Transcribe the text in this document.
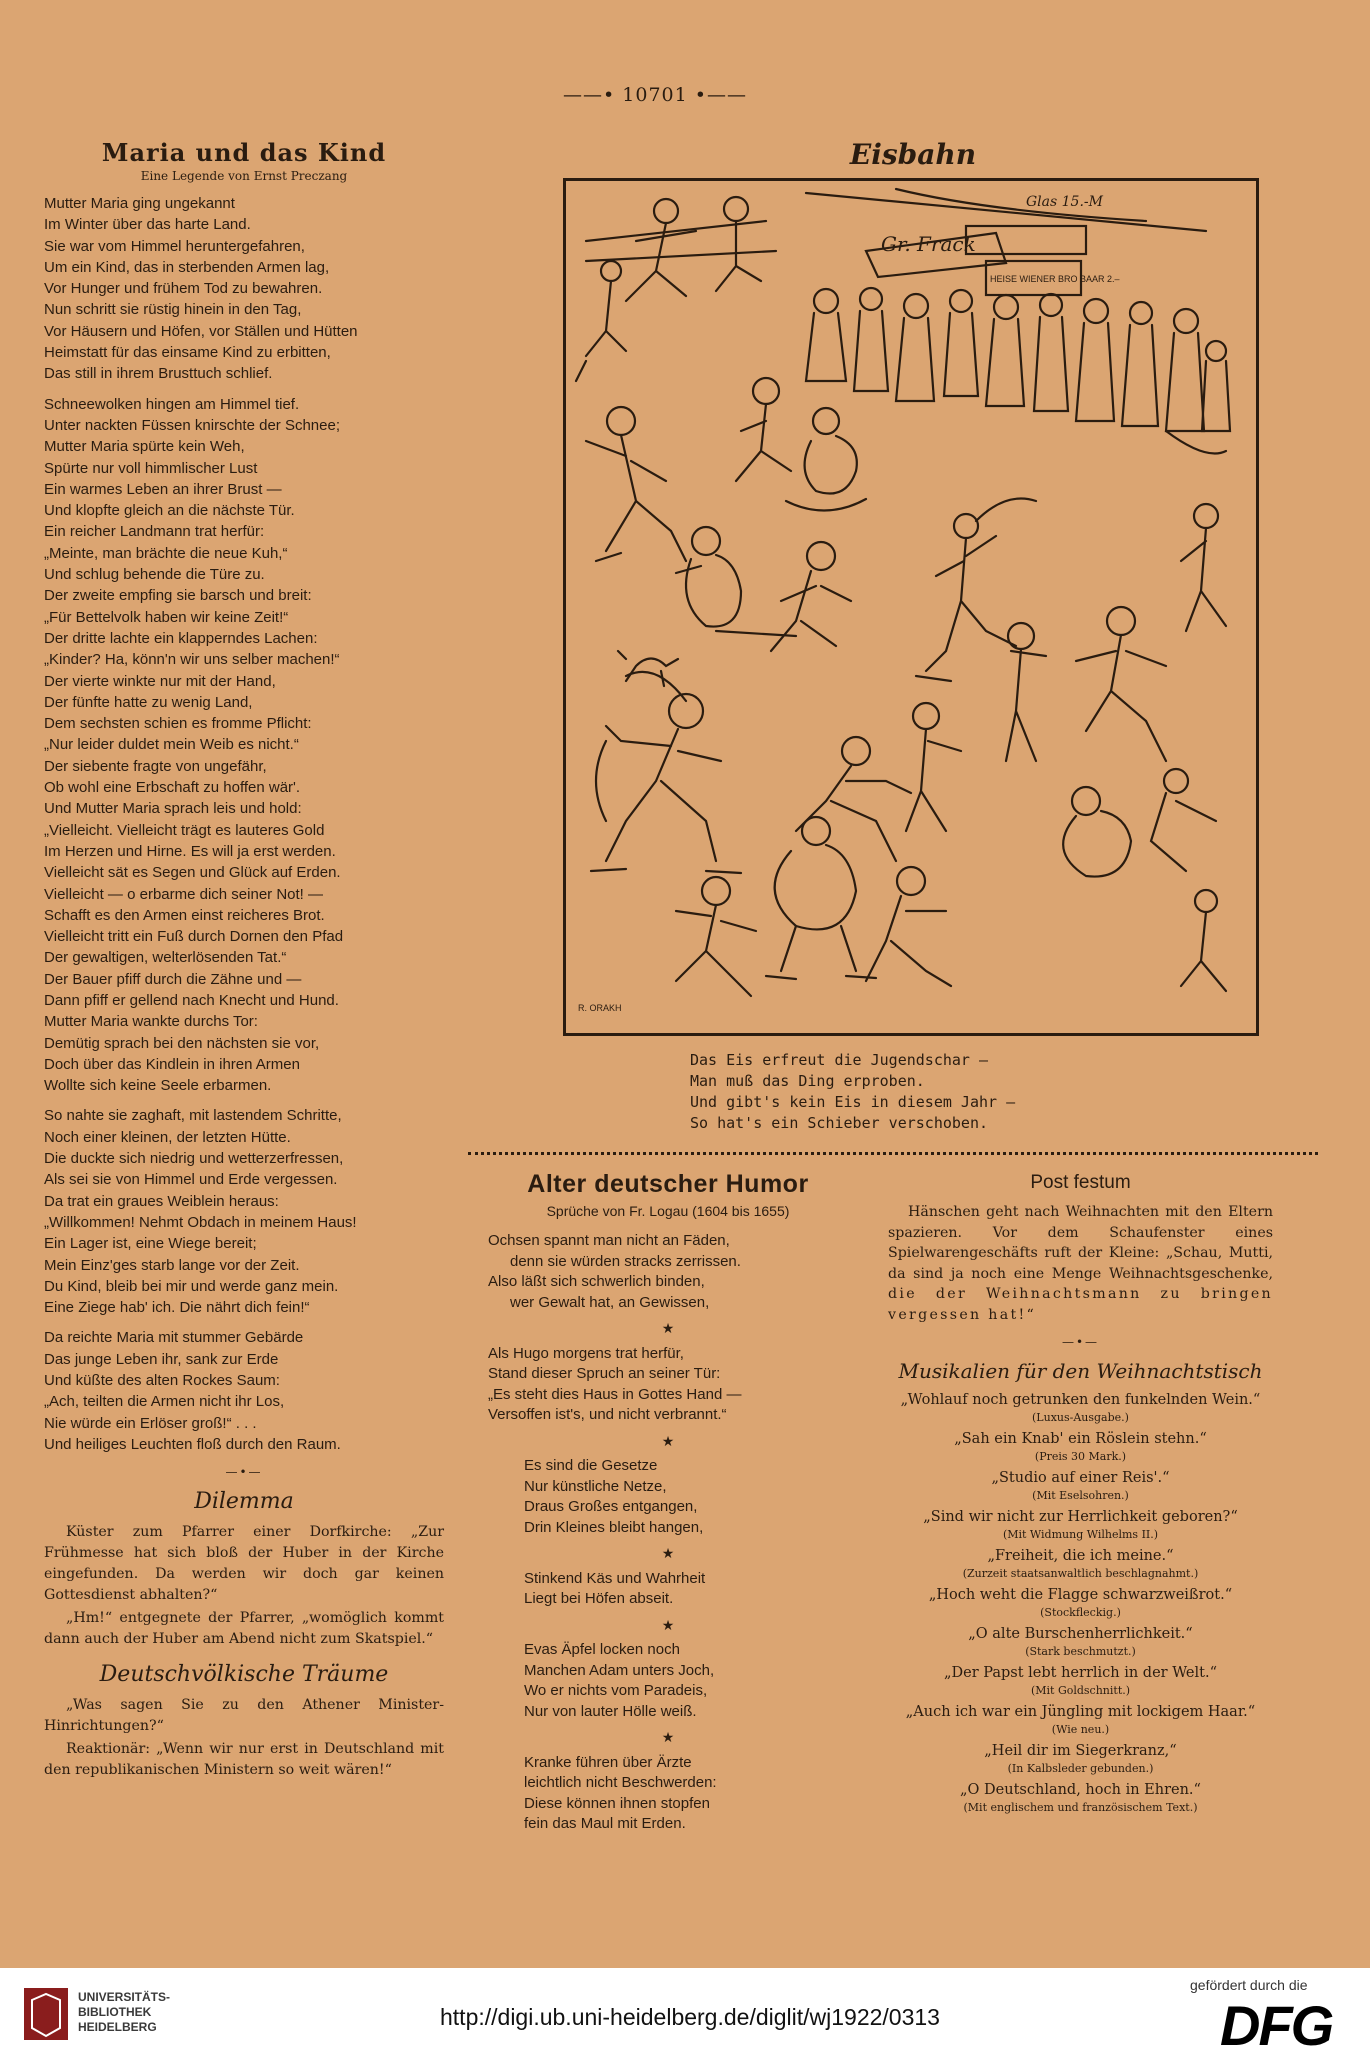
——• 10701 •——
Maria und das Kind
Eine Legende von Ernst Preczang
Mutter Maria ging ungekannt
Im Winter über das harte Land.
Sie war vom Himmel heruntergefahren,
Um ein Kind, das in sterbenden Armen lag,
Vor Hunger und frühem Tod zu bewahren.
Nun schritt sie rüstig hinein in den Tag,
Vor Häusern und Höfen, vor Ställen und Hütten
Heimstatt für das einsame Kind zu erbitten,
Das still in ihrem Brusttuch schlief.
Schneewolken hingen am Himmel tief.
Unter nackten Füssen knirschte der Schnee;
Mutter Maria spürte kein Weh,
Spürte nur voll himmlischer Lust
Ein warmes Leben an ihrer Brust —
Und klopfte gleich an die nächste Tür.
Ein reicher Landmann trat herfür:
„Meinte, man brächte die neue Kuh,“
Und schlug behende die Türe zu.
Der zweite empfing sie barsch und breit:
„Für Bettelvolk haben wir keine Zeit!“
Der dritte lachte ein klapperndes Lachen:
„Kinder? Ha, könn'n wir uns selber machen!“
Der vierte winkte nur mit der Hand,
Der fünfte hatte zu wenig Land,
Dem sechsten schien es fromme Pflicht:
„Nur leider duldet mein Weib es nicht.“
Der siebente fragte von ungefähr,
Ob wohl eine Erbschaft zu hoffen wär'.
Und Mutter Maria sprach leis und hold:
„Vielleicht. Vielleicht trägt es lauteres Gold
Im Herzen und Hirne. Es will ja erst werden.
Vielleicht sät es Segen und Glück auf Erden.
Vielleicht — o erbarme dich seiner Not! —
Schafft es den Armen einst reicheres Brot.
Vielleicht tritt ein Fuß durch Dornen den Pfad
Der gewaltigen, welterlösenden Tat.“
Der Bauer pfiff durch die Zähne und —
Dann pfiff er gellend nach Knecht und Hund.
Mutter Maria wankte durchs Tor:
Demütig sprach bei den nächsten sie vor,
Doch über das Kindlein in ihren Armen
Wollte sich keine Seele erbarmen.
So nahte sie zaghaft, mit lastendem Schritte,
Noch einer kleinen, der letzten Hütte.
Die duckte sich niedrig und wetterzerfressen,
Als sei sie von Himmel und Erde vergessen.
Da trat ein graues Weiblein heraus:
„Willkommen! Nehmt Obdach in meinem Haus!
Ein Lager ist, eine Wiege bereit;
Mein Einz'ges starb lange vor der Zeit.
Du Kind, bleib bei mir und werde ganz mein.
Eine Ziege hab' ich. Die nährt dich fein!“
Da reichte Maria mit stummer Gebärde
Das junge Leben ihr, sank zur Erde
Und küßte des alten Rockes Saum:
„Ach, teilten die Armen nicht ihr Los,
Nie würde ein Erlöser groß!“ . . .
Und heiliges Leuchten floß durch den Raum.
—•—
Dilemma

Küster zum Pfarrer einer Dorfkirche: „Zur Frühmesse hat sich bloß der Huber in der Kirche eingefunden. Da werden wir doch gar keinen Gottesdienst abhalten?“

„Hm!“ entgegnete der Pfarrer, „womöglich kommt dann auch der Huber am Abend nicht zum Skatspiel.“

Deutschvölkische Träume

„Was sagen Sie zu den Athener Minister-Hinrichtungen?“

Reaktionär: „Wenn wir nur erst in Deutschland mit den republikanischen Ministern so weit wären!“

Eisbahn
Gr. Frack
Glas 15.-M
HEISE WIENER BRO BAAR 2.–
R. ORAKH
Das Eis erfreut die Jugendschar —
Man muß das Ding erproben.
Und gibt's kein Eis in diesem Jahr —
So hat's ein Schieber verschoben.
Alter deutscher Humor
Sprüche von Fr. Logau (1604 bis 1655)
Ochsen spannt man nicht an Fäden,
denn sie würden stracks zerrissen.
Also läßt sich schwerlich binden,
wer Gewalt hat, an Gewissen,
★
Als Hugo morgens trat herfür,
Stand dieser Spruch an seiner Tür:
„Es steht dies Haus in Gottes Hand —
Versoffen ist's, und nicht verbrannt.“
★
Es sind die Gesetze
Nur künstliche Netze,
Draus Großes entgangen,
Drin Kleines bleibt hangen,
★
Stinkend Käs und Wahrheit
Liegt bei Höfen abseit.
★
Evas Äpfel locken noch
Manchen Adam unters Joch,
Wo er nichts vom Paradeis,
Nur von lauter Hölle weiß.
★
Kranke führen über Ärzte
leichtlich nicht Beschwerden:
Diese können ihnen stopfen
fein das Maul mit Erden.
Post festum

Hänschen geht nach Weihnachten mit den Eltern spazieren. Vor dem Schaufenster eines Spielwarengeschäfts ruft der Kleine: „Schau, Mutti, da sind ja noch eine Menge Weihnachtsgeschenke, die der Weihnachtsmann zu bringen vergessen hat!“

—•—
Musikalien für den Weihnachtstisch
„Wohlauf noch getrunken den funkelnden Wein.“
(Luxus-Ausgabe.)
„Sah ein Knab' ein Röslein stehn.“
(Preis 30 Mark.)
„Studio auf einer Reis'.“
(Mit Eselsohren.)
„Sind wir nicht zur Herrlichkeit geboren?“
(Mit Widmung Wilhelms II.)
„Freiheit, die ich meine.“
(Zurzeit staatsanwaltlich beschlagnahmt.)
„Hoch weht die Flagge schwarzweißrot.“
(Stockfleckig.)
„O alte Burschenherrlichkeit.“
(Stark beschmutzt.)
„Der Papst lebt herrlich in der Welt.“
(Mit Goldschnitt.)
„Auch ich war ein Jüngling mit lockigem Haar.“
(Wie neu.)
„Heil dir im Siegerkranz,“
(In Kalbsleder gebunden.)
„O Deutschland, hoch in Ehren.“
(Mit englischem und französischem Text.)
UNIVERSITÄTS-
BIBLIOTHEK
HEIDELBERG	http://digi.ub.uni-heidelberg.de/diglit/wj1922/0313
gefördert durch die
DFG
